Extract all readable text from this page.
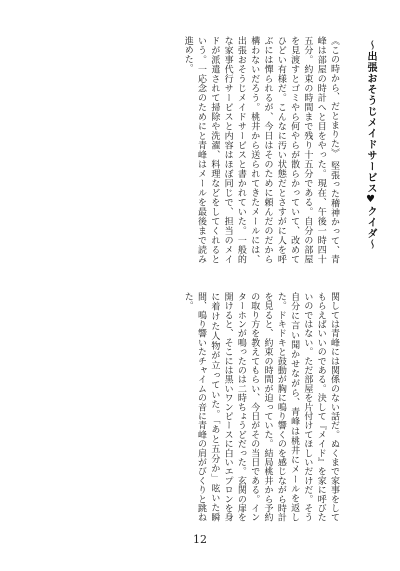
〜出張おそうじメイドサービス♥クイダ〜
《この時から、だとまりた》 堅張った稽神かって、青峰は部屋の時計へと目をやった。現在、午後一時四十五分。約束の時間まで残り十五分である。自分の部屋を見渡すとゴミやら何やらが散らかっていて、改めてひどい有様だ。こんなに汚い状態だとさすがに人を呼ぶには憚られるが、今日はそのために頼んだのだから構わないだろう。桃井から送られてきたメールには、出張おそうじメイドサービスと書かれていた。一般的な家事代行サービスと内容はほぼ同じで、担当のメイドが派遣されて掃除や洗濯、料理などをしてくれるという。一応念のためにと青峰はメールを最後まで読み進めた。
関しては青峰には関係のない話だ。ぬくまで家事をしてもらえばいいのである。決して『メイド』を家に呼びたいのではない。ただ部屋を片付けてほしいだけだ。そう自分に言い聞かせながら、青峰は桃井にメールを返した。ドキドキと鼓動が胸に鳴り響くのを感じながら時計を見ると、約束の時間が迫っていた。結局桃井から予約の取り方を教えてもらい、今日がその当日である。インターホンが鳴ったのは二時ちょうどだった。玄関の扉を開けると、そこには黒いワンピースに白いエプロンを身に着けた人物が立っていた。「あと五分か」呟いた瞬間、鳴り響いたチャイムの音に青峰の肩がびくりと跳ねた。
12
